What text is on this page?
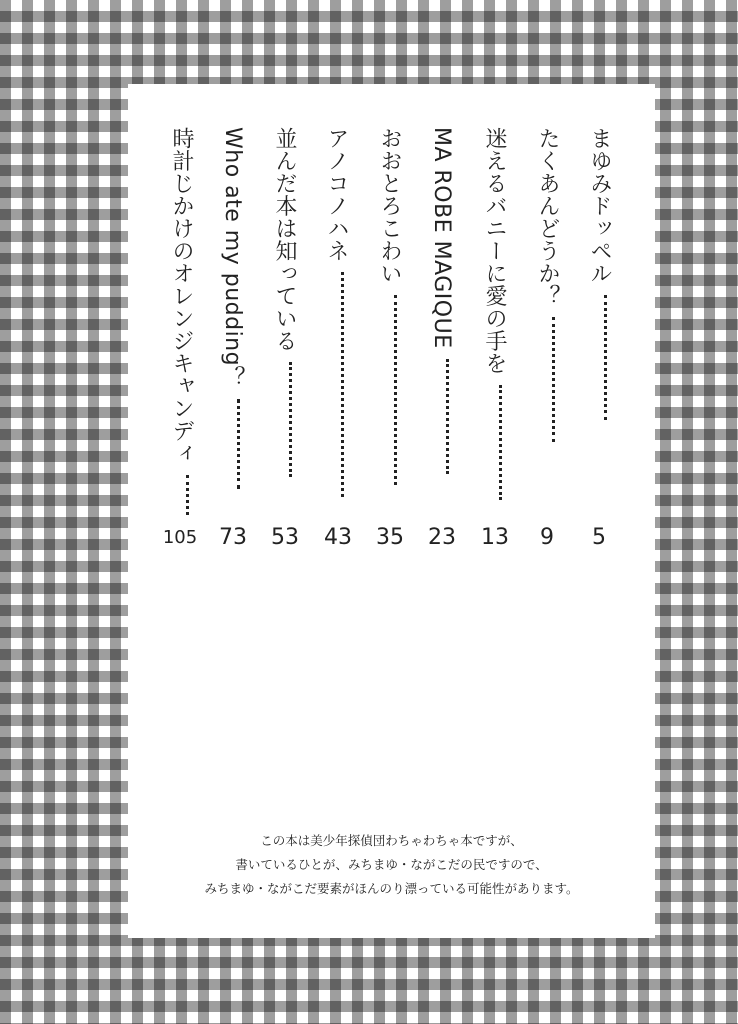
まゆみドッペル
5
たくあんどうか？
9
迷えるバニーに愛の手を
13
MA ROBE MAGIQUE
23
おおとろこわい
35
アノコノハネ
43
並んだ本は知っている
53
Who ate my pudding？
73
時計じかけのオレンジキャンディ
105
この本は美少年探偵団わちゃわちゃ本ですが、
書いているひとが、みちまゆ・ながこだの民ですので、
みちまゆ・ながこだ要素がほんのり漂っている可能性があります。
